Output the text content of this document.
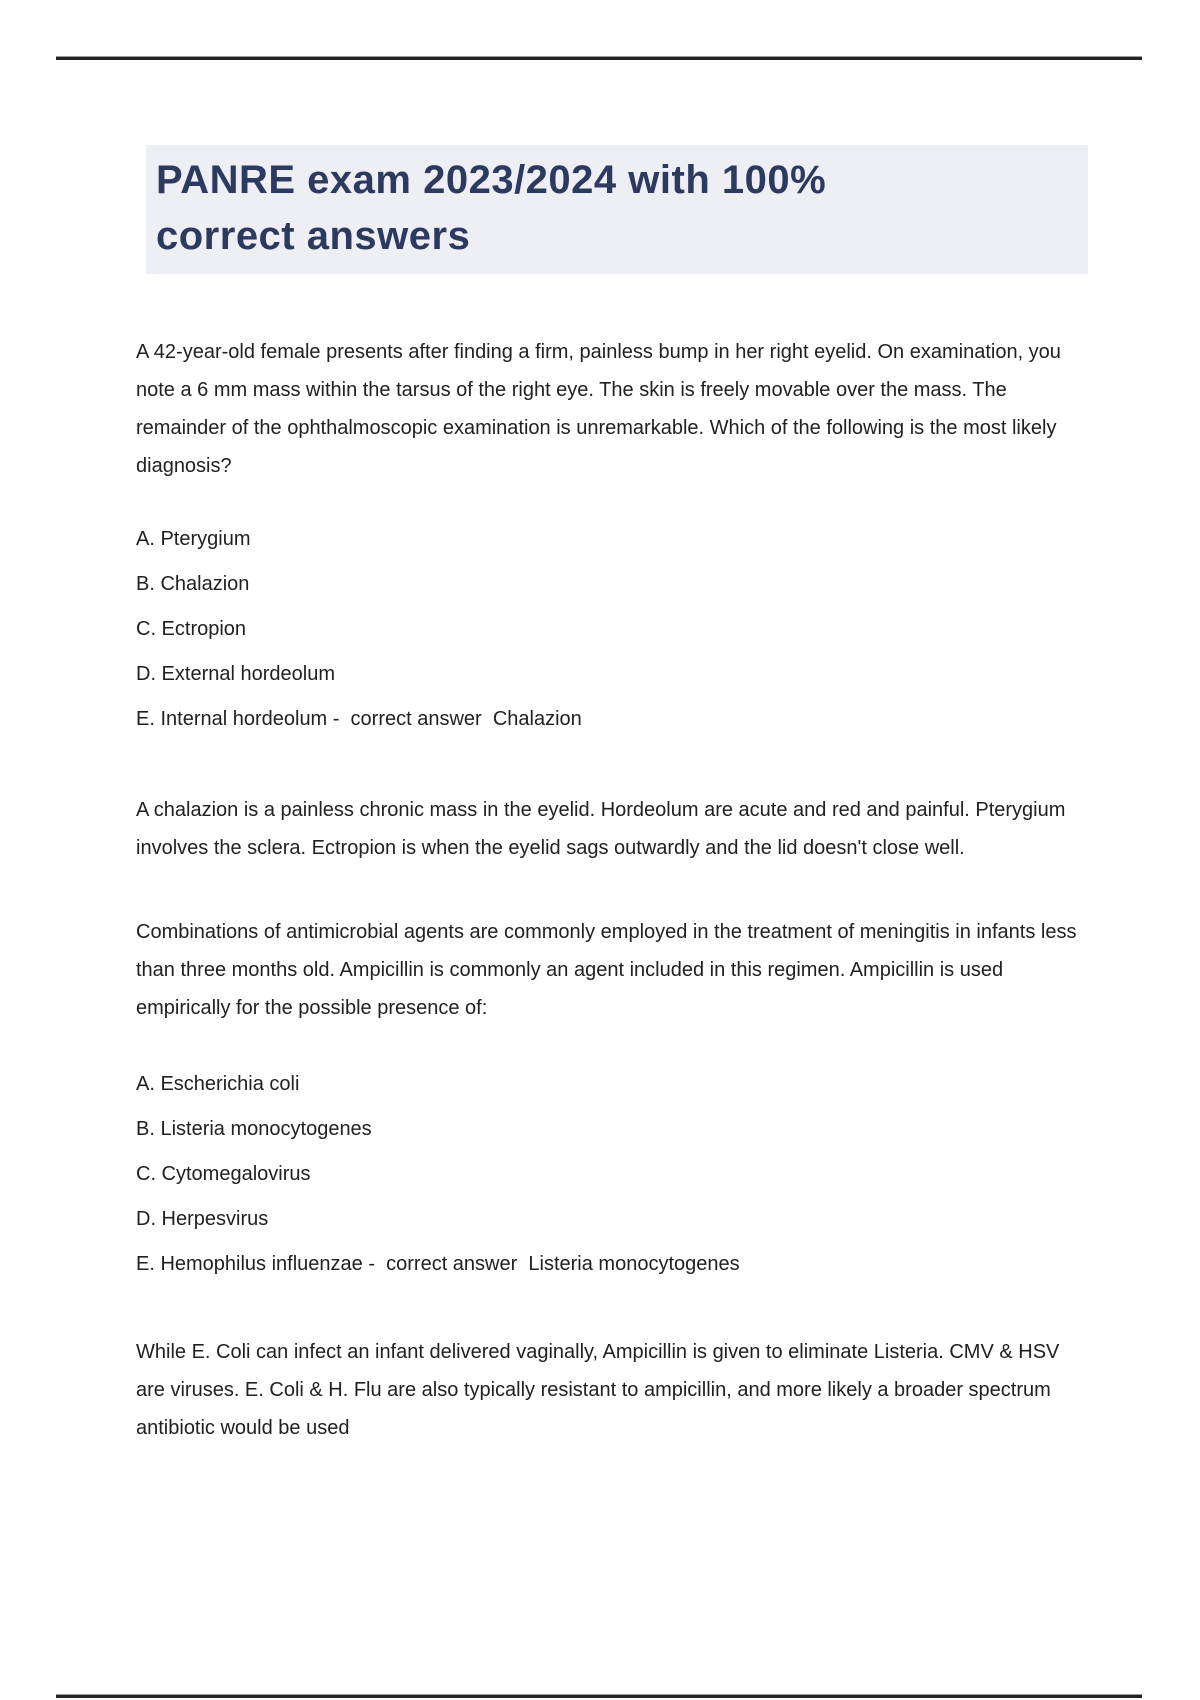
PANRE exam 2023/2024 with 100%
correct answers
A 42-year-old female presents after finding a firm, painless bump in her right eyelid. On examination, you note a 6 mm mass within the tarsus of the right eye. The skin is freely movable over the mass. The remainder of the ophthalmoscopic examination is unremarkable. Which of the following is the most likely diagnosis?
A. Pterygium
B. Chalazion
C. Ectropion
D. External hordeolum
E. Internal hordeolum -  correct answer  Chalazion
A chalazion is a painless chronic mass in the eyelid. Hordeolum are acute and red and painful. Pterygium involves the sclera. Ectropion is when the eyelid sags outwardly and the lid doesn't close well.
Combinations of antimicrobial agents are commonly employed in the treatment of meningitis in infants less than three months old. Ampicillin is commonly an agent included in this regimen. Ampicillin is used empirically for the possible presence of:
A. Escherichia coli
B. Listeria monocytogenes
C. Cytomegalovirus
D. Herpesvirus
E. Hemophilus influenzae -  correct answer  Listeria monocytogenes
While E. Coli can infect an infant delivered vaginally, Ampicillin is given to eliminate Listeria. CMV & HSV are viruses. E. Coli & H. Flu are also typically resistant to ampicillin, and more likely a broader spectrum antibiotic would be used
